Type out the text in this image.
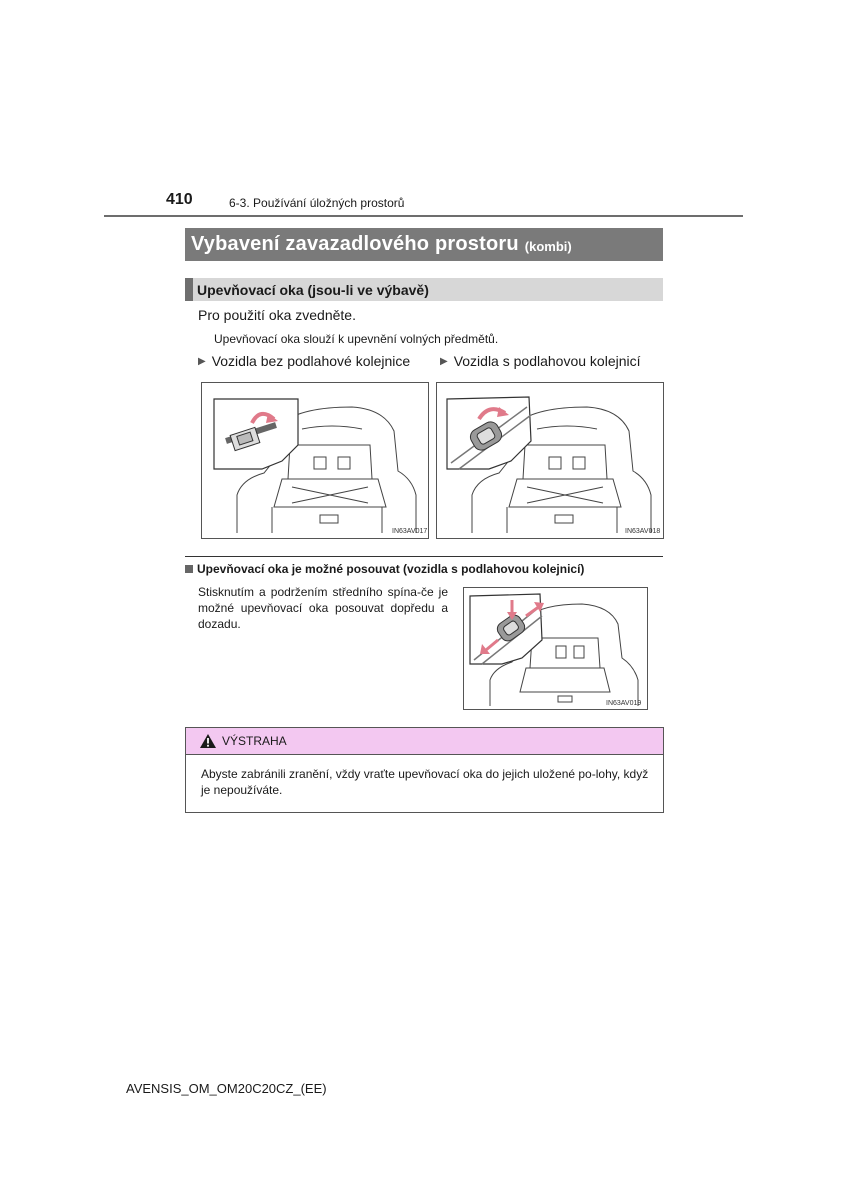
410	6-3. Používání úložných prostorů
Vybavení zavazadlového prostoru (kombi)
Upevňovací oka (jsou-li ve výbavě)
Pro použití oka zvedněte.
Upevňovací oka slouží k upevnění volných předmětů.
▶ Vozidla bez podlahové kolejnice	▶ Vozidla s podlahovou kolejnicí
IN63AV017	IN63AV018
Upevňovací oka je možné posouvat (vozidla s podlahovou kolejnicí)
Stisknutím a podržením středního spína-če je možné upevňovací oka posouvat dopředu a dozadu.
IN63AV019
VÝSTRAHA
Abyste zabránili zranění, vždy vraťte upevňovací oka do jejich uložené po-lohy, když je nepoužíváte.
AVENSIS_OM_OM20C20CZ_(EE)
